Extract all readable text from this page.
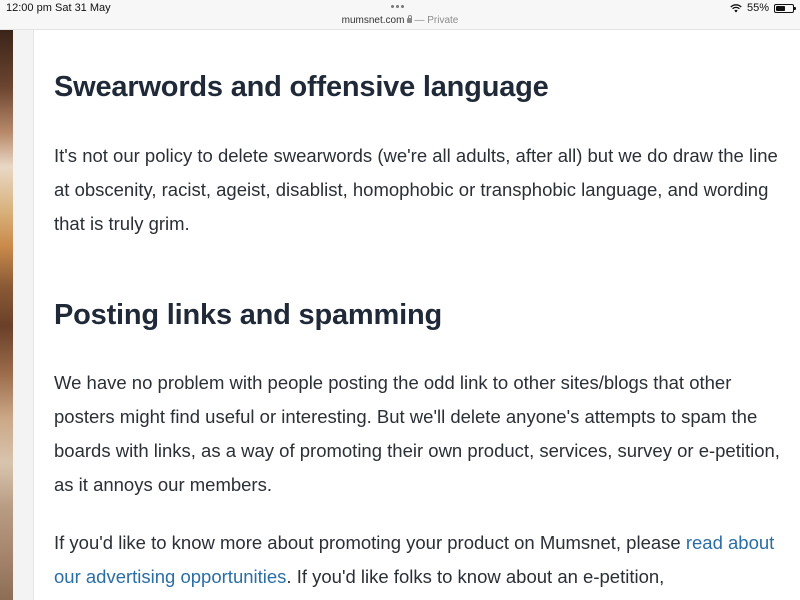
12:00 pm Sat 31 May
mumsnet.com — Private
55%
Swearwords and offensive language

It's not our policy to delete swearwords (we're all adults, after all) but we do draw the line at obscenity, racist, ageist, disablist, homophobic or transphobic language, and wording that is truly grim.

Posting links and spamming

We have no problem with people posting the odd link to other sites/blogs that other posters might find useful or interesting. But we'll delete anyone's attempts to spam the boards with links, as a way of promoting their own product, services, survey or e-petition, as it annoys our members.

If you'd like to know more about promoting your product on Mumsnet, please read about our advertising opportunities. If you'd like folks to know about an e-petition,
